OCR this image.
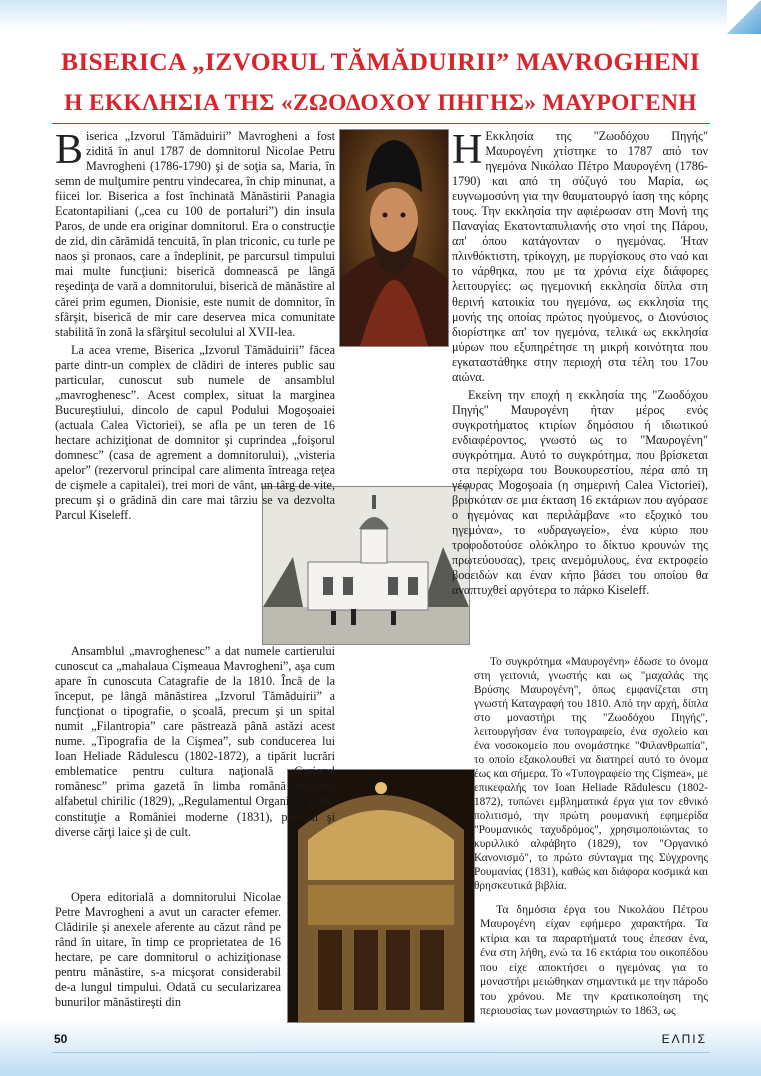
BISERICA „IZVORUL TĂMĂDUIRII” MAVROGHENI
Η ΕΚΚΛΗΣΙΑ ΤΗΣ «ΖΩΟΔΟΧΟΥ ΠΗΓΗΣ» ΜΑΥΡΟΓΕΝΗ

Biserica „Izvorul Tămăduirii” Mavrogheni a fost zidită în anul 1787 de domnitorul Nicolae Petru Mavrogheni (1786-1790) şi de soţia sa, Maria, în semn de mulţumire pentru vindecarea, în chip minunat, a fiicei lor. Biserica a fost închinată Mănăstirii Panagia Ecatontapiliani („cea cu 100 de portaluri”) din insula Paros, de unde era originar domnitorul. Era o construcţie de zid, din cărămidă tencuită, în plan triconic, cu turle pe naos şi pronaos, care a îndeplinit, pe parcursul timpului mai multe funcţiuni: biserică domnească pe lângă reşedinţa de vară a domnitorului, biserică de mănăstire al cărei prim egumen, Dionisie, este numit de domnitor, în sfârşit, biserică de mir care deservea mica comunitate stabilită în zonă la sfârşitul secolului al XVII-lea.

La acea vreme, Biserica „Izvorul Tămăduirii” făcea parte dintr-un complex de clădiri de interes public sau particular, cunoscut sub numele de ansamblul „mavroghenesc”. Acest complex, situat la marginea Bucureştiului, dincolo de capul Podului Mogoşoaiei (actuala Calea Victoriei), se afla pe un teren de 16 hectare achiziţionat de domnitor şi cuprindea „foişorul domnesc” (casa de agrement a domnitorului), „visteria apelor” (rezervorul principal care alimenta întreaga reţea de cişmele a capitalei), trei mori de vânt, un târg de vite, precum şi o grădină din care mai târziu se va dezvolta Parcul Kiseleff.

Ansamblul „mavroghenesc” a dat numele cartierului cunoscut ca „mahalaua Cişmeaua Mavrogheni”, aşa cum apare în cunoscuta Catagrafie de la 1810. Încă de la început, pe lângă mănăstirea „Izvorul Tămăduirii” a funcţionat o tipografie, o şcoală, precum şi un spital numit „Filantropia” care păstrează până astăzi acest nume. „Tipografia de la Cişmea”, sub conducerea lui Ioan Heliade Rădulescu (1802-1872), a tipărit lucrări emblematice pentru cultura naţională „Curierul românesc” prima gazetă în limba română folosind alfabetul chirilic (1829), „Regulamentul Organic”, prima constituţie a României moderne (1831), precum şi diverse cărţi laice şi de cult.

Opera editorială a domnitorului Nicolae Petre Mavrogheni a avut un caracter efemer. Clădirile şi anexele aferente au căzut rând pe rând în uitare, în timp ce proprietatea de 16 hectare, pe care domnitorul o achiziţionase pentru mănăstire, s-a micşorat considerabil de-a lungul timpului. Odată cu secularizarea bunurilor mănăstireşti din

Η Εκκλησία της "Ζωοδόχου Πηγής" Μαυρογένη χτίστηκε το 1787 από τον ηγεμόνα Νικόλαο Πέτρο Μαυρογένη (1786-1790) και από τη σύζυγό του Μαρία, ως ευγνωμοσύνη για την θαυματουργό ίαση της κόρης τους. Την εκκλησία την αφιέρωσαν στη Μονή της Παναγίας Εκατονταπυλιανής στο νησί της Πάρου, απ' όπου κατάγονταν ο ηγεμόνας. Ήταν πλινθόκτιστη, τρίκογχη, με πυργίσκους στο ναό και το νάρθηκα, που με τα χρόνια είχε διάφορες λειτουργίες: ως ηγεμονική εκκλησία δίπλα στη θερινή κατοικία του ηγεμόνα, ως εκκλησία της μονής της οποίας πρώτος ηγούμενος, ο Διονύσιος διορίστηκε απ' τον ηγεμόνα, τελικά ως εκκλησία μύρων που εξυπηρέτησε τη μικρή κοινότητα που εγκαταστάθηκε στην περιοχή στα τέλη του 17ου αιώνα.

Εκείνη την εποχή η εκκλησία της "Ζωοδόχου Πηγής" Μαυρογένη ήταν μέρος ενός συγκροτήματος κτιρίων δημόσιου ή ιδιωτικού ενδιαφέροντος, γνωστό ως το "Μαυρογένη" συγκρότημα. Αυτό το συγκρότημα, που βρίσκεται στα περίχωρα του Βουκουρεστίου, πέρα από τη γέφυρας Mogoşoaia (η σημερινή Calea Victoriei), βρισκόταν σε μια έκταση 16 εκτάριων που αγόρασε ο ηγεμόνας και περιλάμβανε «το εξοχικό του ηγεμόνα», το «υδραγωγείο», ένα κύριο που τροφοδοτούσε ολόκληρο το δίκτυο κρουνών της πρωτεύουσας), τρεις ανεμόμυλους, ένα εκτροφείο βοοειδών και έναν κήπο βάσει του οποίου θα αναπτυχθεί αργότερα το πάρκο Kiseleff.

Το συγκρότημα «Μαυρογένη» έδωσε το όνομα στη γειτονιά, γνωστής και ως "μαχαλάς της Βρύσης Μαυρογένη", όπως εμφανίζεται στη γνωστή Καταγραφή του 1810. Από την αρχή, δίπλα στο μοναστήρι της "Ζωοδόχου Πηγής", λειτουργήσαν ένα τυπογραφείο, ένα σχολείο και ένα νοσοκομείο που ονομάστηκε "Φιλανθρωπία", το οποίο εξακολουθεί να διατηρεί αυτό το όνομα έως και σήμερα. Το «Τυπογραφείο της Cişmea», με επικεφαλής τον Ioan Heliade Rădulescu (1802-1872), τυπώνει εμβληματικά έργα για τον εθνικό πολιτισμό, την πρώτη ρουμανική εφημερίδα "Ρουμανικός ταχυδρόμος", χρησιμοποιώντας το κυριλλικό αλφάβητο (1829), τον "Οργανικό Κανονισμό", το πρώτο σύνταγμα της Σύγχρονης Ρουμανίας (1831), καθώς και διάφορα κοσμικά και θρησκευτικά βιβλία.

Τα δημόσια έργα του Νικολάου Πέτρου Μαυρογένη είχαν εφήμερο χαρακτήρα. Τα κτίρια και τα παραρτήματά τους έπεσαν ένα, ένα στη λήθη, ενώ τα 16 εκτάρια του οικοπέδου που είχε αποκτήσει ο ηγεμόνας για το μοναστήρι μειώθηκαν σημαντικά με την πάροδο του χρόνου. Με την κρατικοποίηση της περιουσίας των μοναστηριών το 1863, ως

50	ΕΛΠΙΣ
